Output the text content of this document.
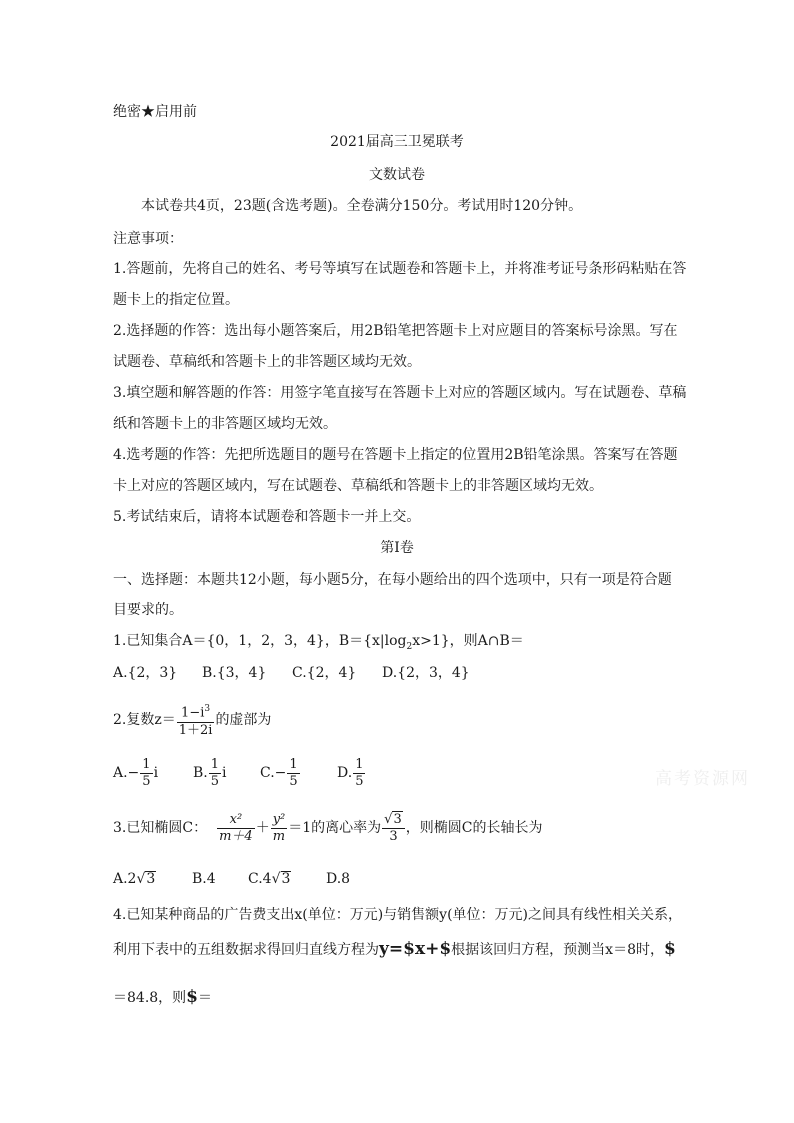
绝密★启用前
2021届高三卫冕联考
文数试卷
本试卷共4页，23题(含选考题)。全卷满分150分。考试用时120分钟。
注意事项：
1.答题前，先将自己的姓名、考号等填写在试题卷和答题卡上，并将准考证号条形码粘贴在答
题卡上的指定位置。
2.选择题的作答：选出每小题答案后，用2B铅笔把答题卡上对应题目的答案标号涂黑。写在
试题卷、草稿纸和答题卡上的非答题区域均无效。
3.填空题和解答题的作答：用签字笔直接写在答题卡上对应的答题区域内。写在试题卷、草稿
纸和答题卡上的非答题区域均无效。
4.选考题的作答：先把所选题目的题号在答题卡上指定的位置用2B铅笔涂黑。答案写在答题
卡上对应的答题区域内，写在试题卷、草稿纸和答题卡上的非答题区域均无效。
5.考试结束后，请将本试题卷和答题卡一并上交。
第I卷
一、选择题：本题共12小题，每小题5分，在每小题给出的四个选项中，只有一项是符合题
目要求的。
1.已知集合A＝{0，1，2，3，4}，$B=\{x|\log_2x>1\}$，则A∩B＝
A.{2，3} B.{3，4} C.{2，4} D.{2，3，4}
2.复数$z= \frac{1-i^3}{1+2i}$ 的虚部为
$A.- \frac{1}{5}$ i B. $\frac{1}{5}$ i $C.- \frac{1}{5}$	D. $\frac{1}{5}$	高考资源网
3.已知椭圆C： $\frac{\text{x²}}{m+4} + \frac{\text{y²}}{m} =1$的离心率为 $\frac{√3}{3}$ ，则椭圆C的长轴长为
A.2√3	B.4 C.4√3	D.8
4.已知某种商品的广告费支出x(单位：万元)与销售额y(单位：万元)之间具有线性相关关系，
利用下表中的五组数据求得回归直线方程为y=$x+$根据该回归方程，预测当x＝8时，$
＝84.8，则$＝
